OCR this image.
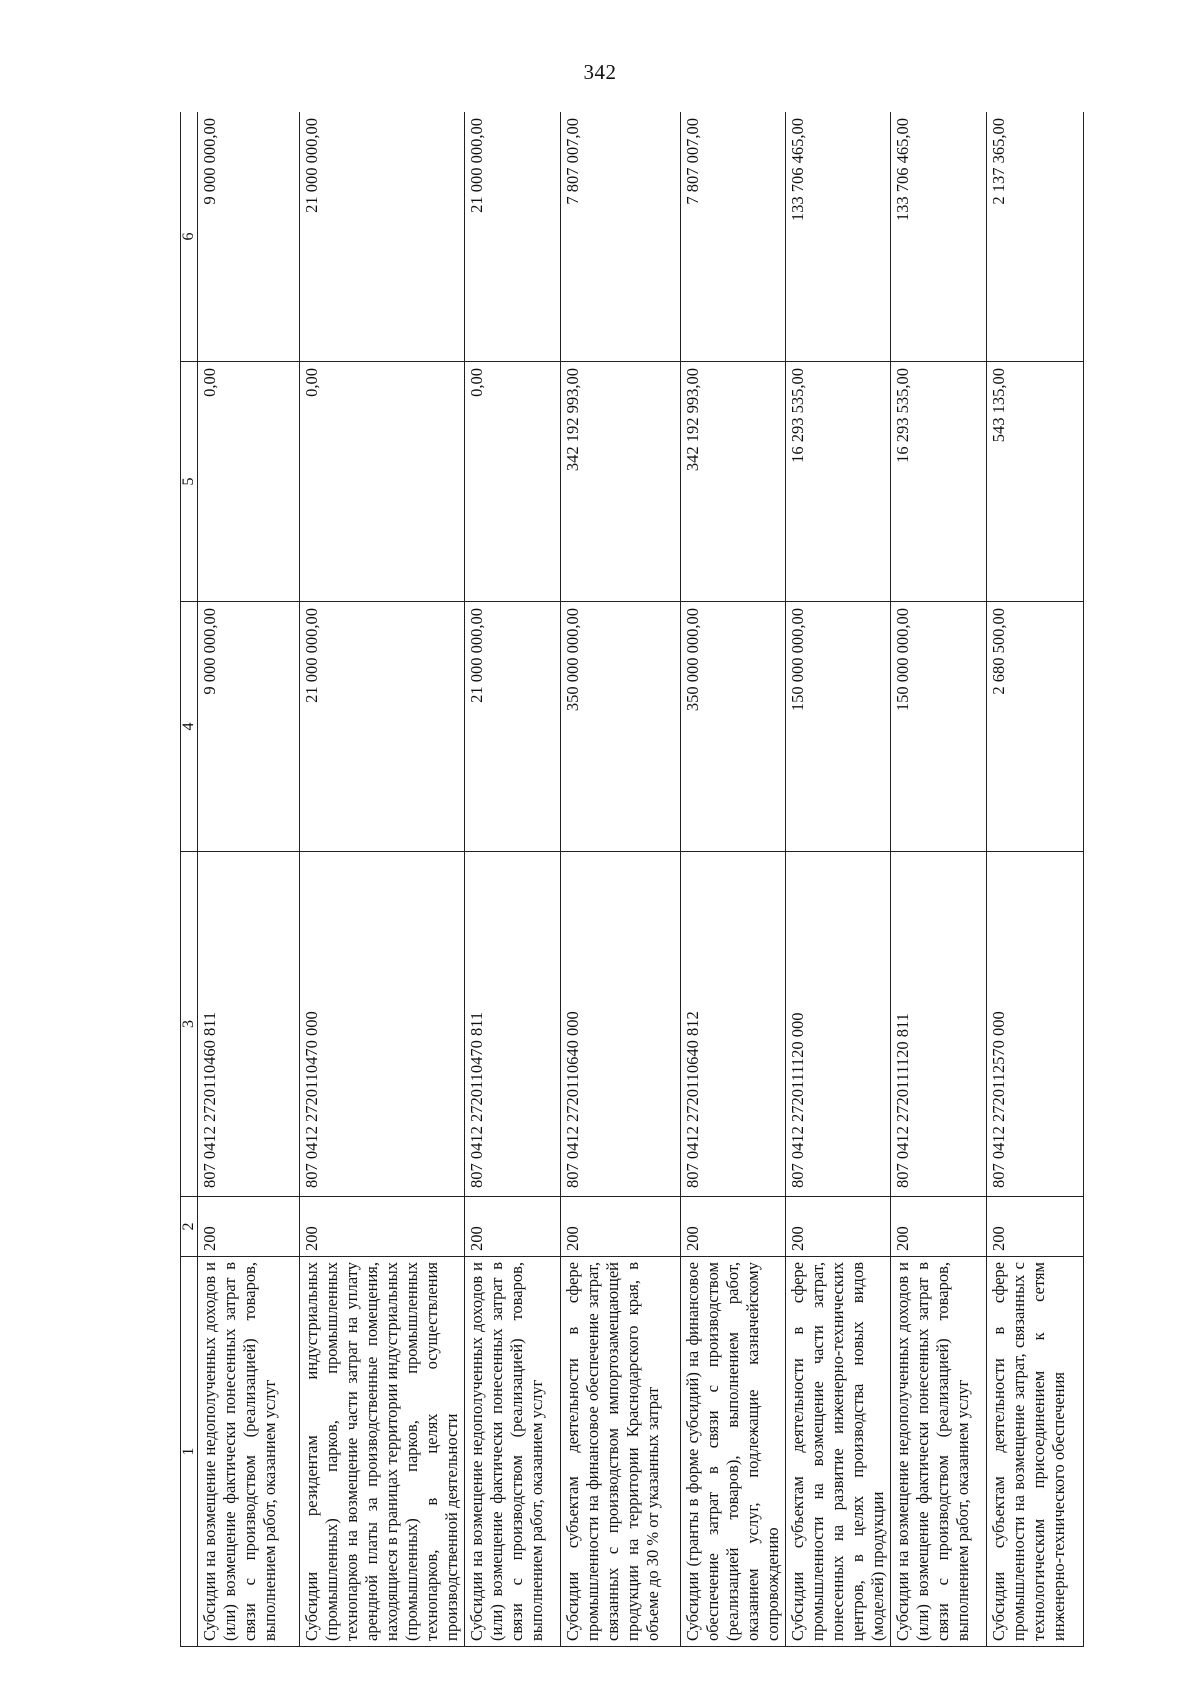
342
1	2	3	4	5	6
Субсидии на возмещение недополученных доходов и (или) возмещение фактически понесенных затрат в связи с производством (реализацией) товаров, выполнением работ, оказанием услуг	200	807 0412 2720110460 811	9 000 000,00	0,00	9 000 000,00
Субсидии резидентам индустриальных (промышленных) парков, промышленных технопарков на возмещение части затрат на уплату арендной платы за производственные помещения, находящиеся в границах территории индустриальных (промышленных) парков, промышленных технопарков, в целях осуществления производственной деятельности	200	807 0412 2720110470 000	21 000 000,00	0,00	21 000 000,00
Субсидии на возмещение недополученных доходов и (или) возмещение фактически понесенных затрат в связи с производством (реализацией) товаров, выполнением работ, оказанием услуг	200	807 0412 2720110470 811	21 000 000,00	0,00	21 000 000,00
Субсидии субъектам деятельности в сфере промышленности на финансовое обеспечение затрат, связанных с производством импортозамещающей продукции на территории Краснодарского края, в объеме до 30 % от указанных затрат	200	807 0412 2720110640 000	350 000 000,00	342 192 993,00	7 807 007,00
Субсидии (гранты в форме субсидий) на финансовое обеспечение затрат в связи с производством (реализацией товаров), выполнением работ, оказанием услуг, подлежащие казначейскому сопровождению	200	807 0412 2720110640 812	350 000 000,00	342 192 993,00	7 807 007,00
Субсидии субъектам деятельности в сфере промышленности на возмещение части затрат, понесенных на развитие инженерно-технических центров, в целях производства новых видов (моделей) продукции	200	807 0412 2720111120 000	150 000 000,00	16 293 535,00	133 706 465,00
Субсидии на возмещение недополученных доходов и (или) возмещение фактически понесенных затрат в связи с производством (реализацией) товаров, выполнением работ, оказанием услуг	200	807 0412 2720111120 811	150 000 000,00	16 293 535,00	133 706 465,00
Субсидии субъектам деятельности в сфере промышленности на возмещение затрат, связанных с технологическим присоединением к сетям инженерно-технического обеспечения	200	807 0412 2720112570 000	2 680 500,00	543 135,00	2 137 365,00
